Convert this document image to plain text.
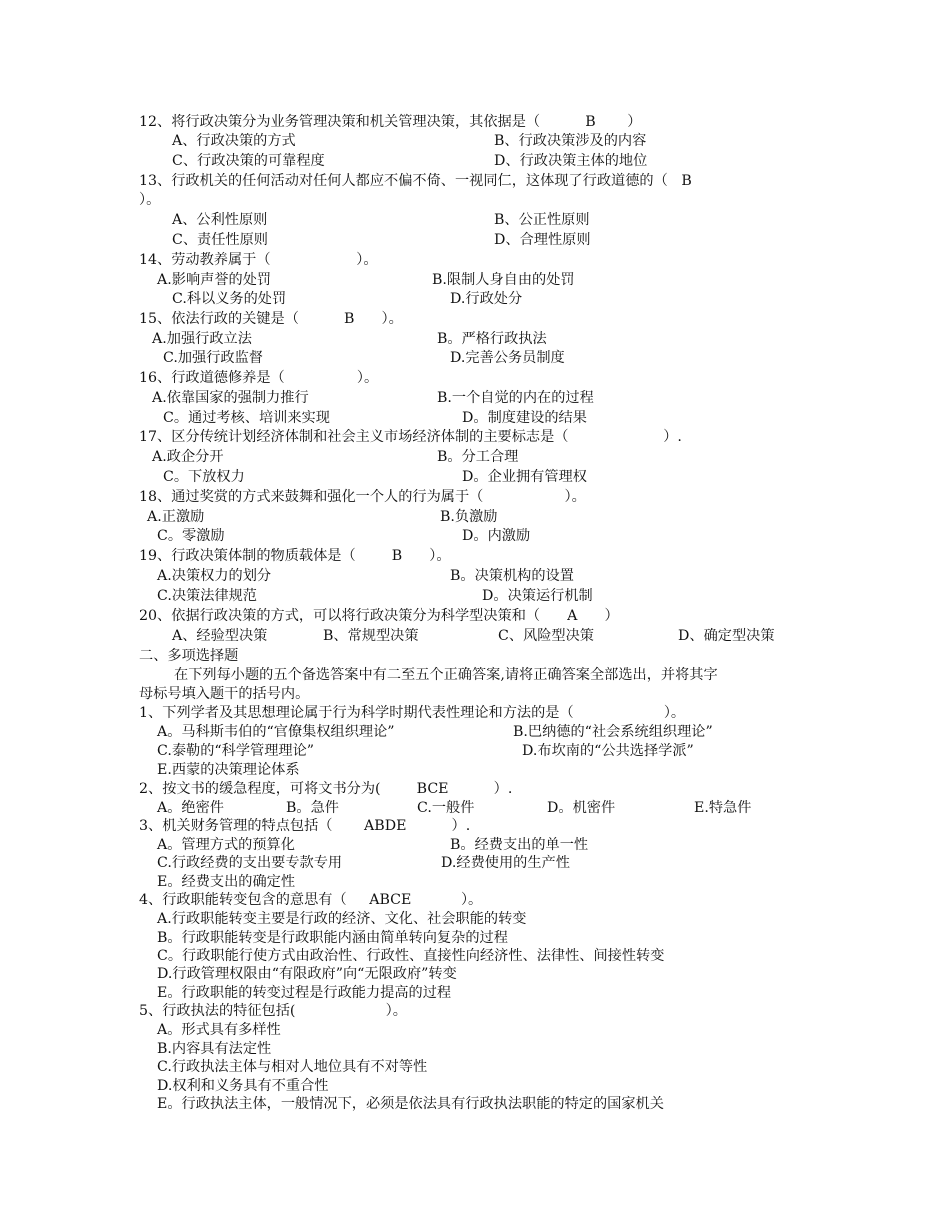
12、将行政决策分为业务管理决策和机关管理决策，其依据是（          B       ）
A、行政决策的方式	B、行政决策涉及的内容
C、行政决策的可靠程度	D、行政决策主体的地位
13、行政机关的任何活动对任何人都应不偏不倚、一视同仁，这体现了行政道德的（   B
）。
A、公利性原则	B、公正性原则
C、责任性原则	D、合理性原则
14、劳动教养属于（                   ）。
A.影响声誉的处罚	B.限制人身自由的处罚
C.科以义务的处罚	D.行政处分
15、依法行政的关键是（          B      ）。
A.加强行政立法	B。严格行政执法
C.加强行政监督	D.完善公务员制度
16、行政道德修养是（                ）。
A.依靠国家的强制力推行	B.一个自觉的内在的过程
C。通过考核、培训来实现	D。制度建设的结果
17、区分传统计划经济体制和社会主义市场经济体制的主要标志是（                     ）.
A.政企分开	B。分工合理
C。下放权力	D。企业拥有管理权
18、通过奖赏的方式来鼓舞和强化一个人的行为属于（                  ）。
A.正激励	B.负激励
C。零激励	D。内激励
19、行政决策体制的物质载体是（        B      ）。
A.决策权力的划分	B。决策机构的设置
C.决策法律规范	D。决策运行机制
20、依据行政决策的方式，可以将行政决策分为科学型决策和（      A      ）
A、经验型决策	B、常规型决策	C、风险型决策	D、确定型决策
二、多项选择题
在下列每小题的五个备选答案中有二至五个正确答案,请将正确答案全部选出，并将其字
母标号填入题干的括号内。
1、下列学者及其思想理论属于行为科学时期代表性理论和方法的是（                    ）。
A。马科斯韦伯的“官僚集权组织理论”	B.巴纳德的“社会系统组织理论”
C.泰勒的“科学管理理论”	D.布坎南的“公共选择学派”
E.西蒙的决策理论体系
2、按文书的缓急程度，可将文书分为(        BCE          ）.
A。绝密件	B。急件	C.一般件	D。机密件	E.特急件
3、机关财务管理的特点包括（       ABDE          ）.
A。管理方式的预算化	B。经费支出的单一性
C.行政经费的支出要专款专用	D.经费使用的生产性
E。经费支出的确定性
4、行政职能转变包含的意思有（     ABCE           ）。
A.行政职能转变主要是行政的经济、文化、社会职能的转变
B。行政职能转变是行政职能内涵由简单转向复杂的过程
C。行政职能行使方式由政治性、行政性、直接性向经济性、法律性、间接性转变
D.行政管理权限由“有限政府”向“无限政府”转变
E。行政职能的转变过程是行政能力提高的过程
5、行政执法的特征包括(                    ）。
A。形式具有多样性
B.内容具有法定性
C.行政执法主体与相对人地位具有不对等性
D.权利和义务具有不重合性
E。行政执法主体，一般情况下，必须是依法具有行政执法职能的特定的国家机关
